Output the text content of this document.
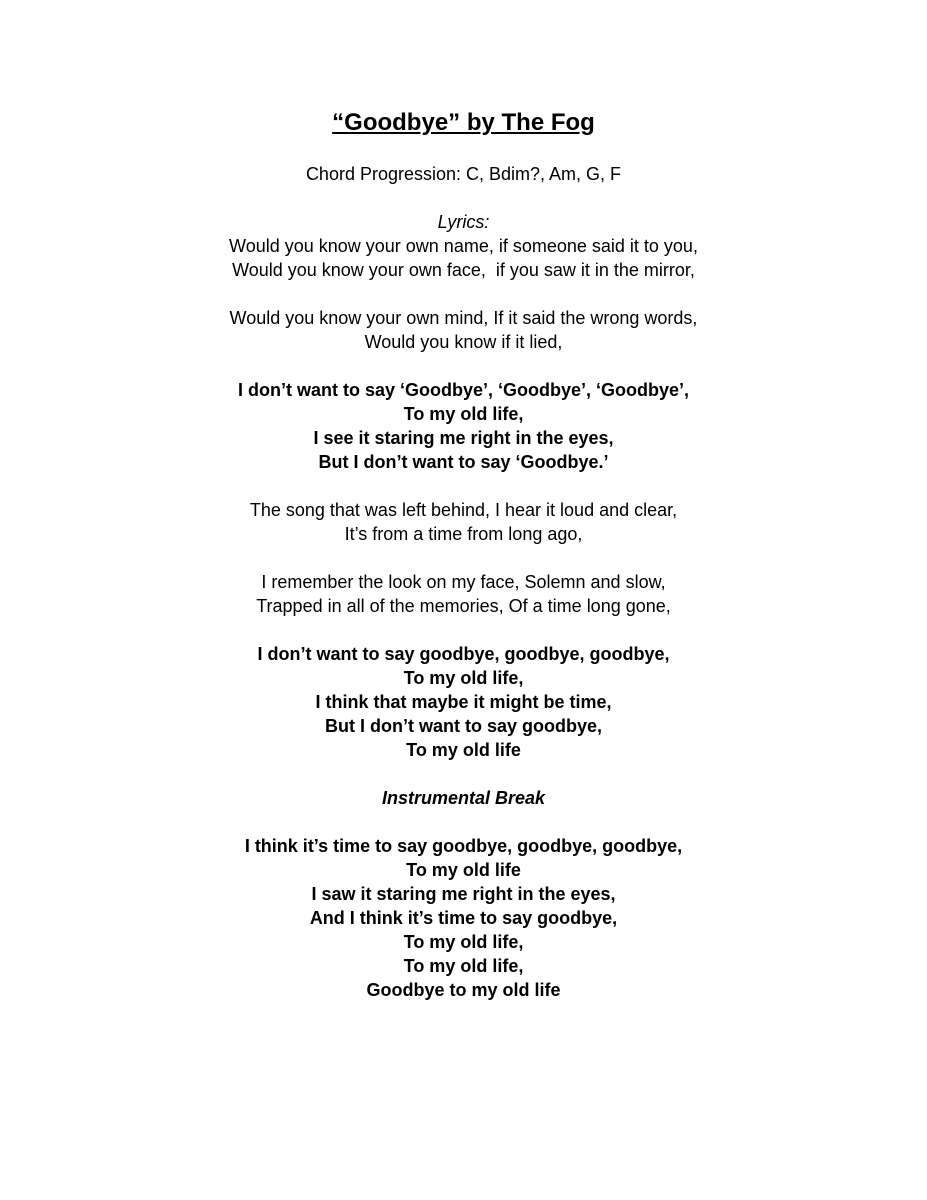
“Goodbye” by The Fog

Chord Progression: C, Bdim?, Am, G, F

Lyrics:
Would you know your own name, if someone said it to you,
Would you know your own face,  if you saw it in the mirror,
Would you know your own mind, If it said the wrong words,
Would you know if it lied,
I don’t want to say ‘Goodbye’, ‘Goodbye’, ‘Goodbye’,
To my old life,
I see it staring me right in the eyes,
But I don’t want to say ‘Goodbye.’
The song that was left behind, I hear it loud and clear,
It’s from a time from long ago,
I remember the look on my face, Solemn and slow,
Trapped in all of the memories, Of a time long gone,
I don’t want to say goodbye, goodbye, goodbye,
To my old life,
I think that maybe it might be time,
But I don’t want to say goodbye,
To my old life
Instrumental Break
I think it’s time to say goodbye, goodbye, goodbye,
To my old life
I saw it staring me right in the eyes,
And I think it’s time to say goodbye,
To my old life,
To my old life,
Goodbye to my old life
